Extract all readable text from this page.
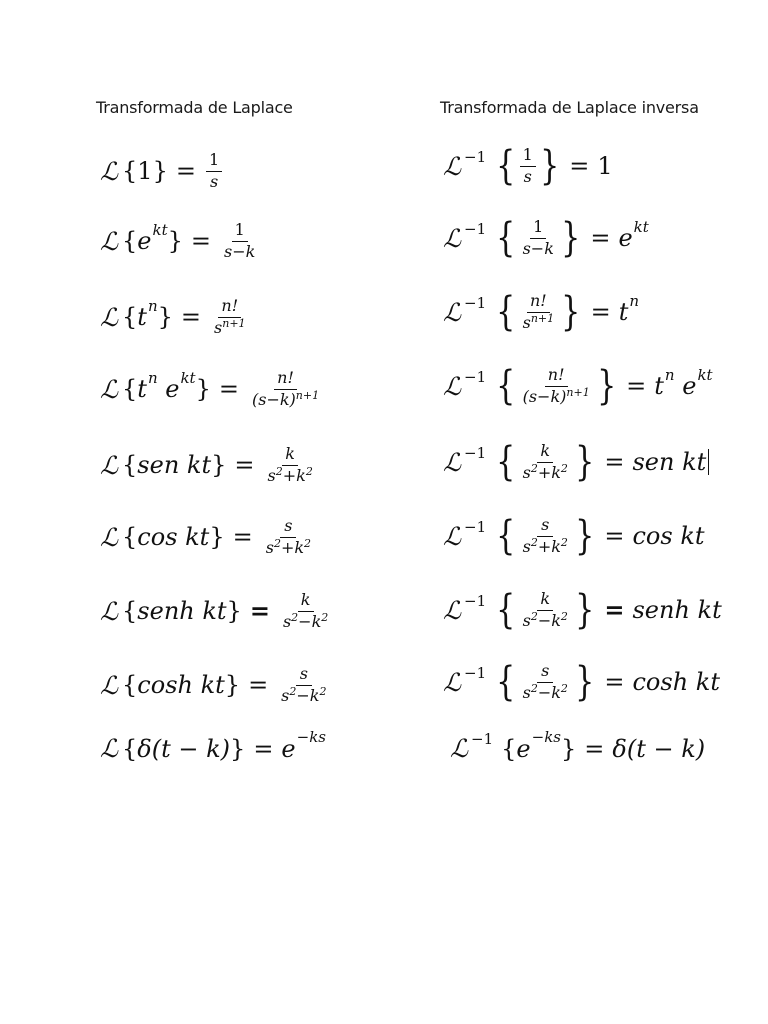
Transformada de Laplace	Transformada de Laplace inversa
ℒ { 1 } = $\frac{1}{s}$
ℒ { e kt } = $\frac{1}{s-k}$
ℒ { t n } = $\frac{n!}{s^{n+1}}$
ℒ { t n
e kt } = $\frac{n!}{(s-k)^{n+1}}$
ℒ { sen kt } = $\frac{k}{s^2+k^2}$
ℒ { cos kt } = $\frac{s}{s^2+k^2}$
ℒ { senh kt } = $\frac{k}{s^2-k^2}$
ℒ { cosh kt } = $\frac{s}{s^2-k^2}$
ℒ { δ(t − k) } = e −ks
ℒ −1 { $\frac{1}{s}$ } = 1
ℒ −1 { $\frac{1}{s-k}$ } = e kt
ℒ −1 { $\frac{n!}{s^{n+1}}$ } = t n
ℒ −1 { $\frac{n!}{(s-k)^{n+1}}$ } = t n
e kt
ℒ −1 { $\frac{k}{s^2+k^2}$ } = sen kt
ℒ −1 { $\frac{s}{s^2+k^2}$ } = cos kt
ℒ −1 { $\frac{k}{s^2-k^2}$ } = senh kt
ℒ −1 { $\frac{s}{s^2-k^2}$ } = cosh kt
ℒ −1 { e −ks } = δ(t − k)
